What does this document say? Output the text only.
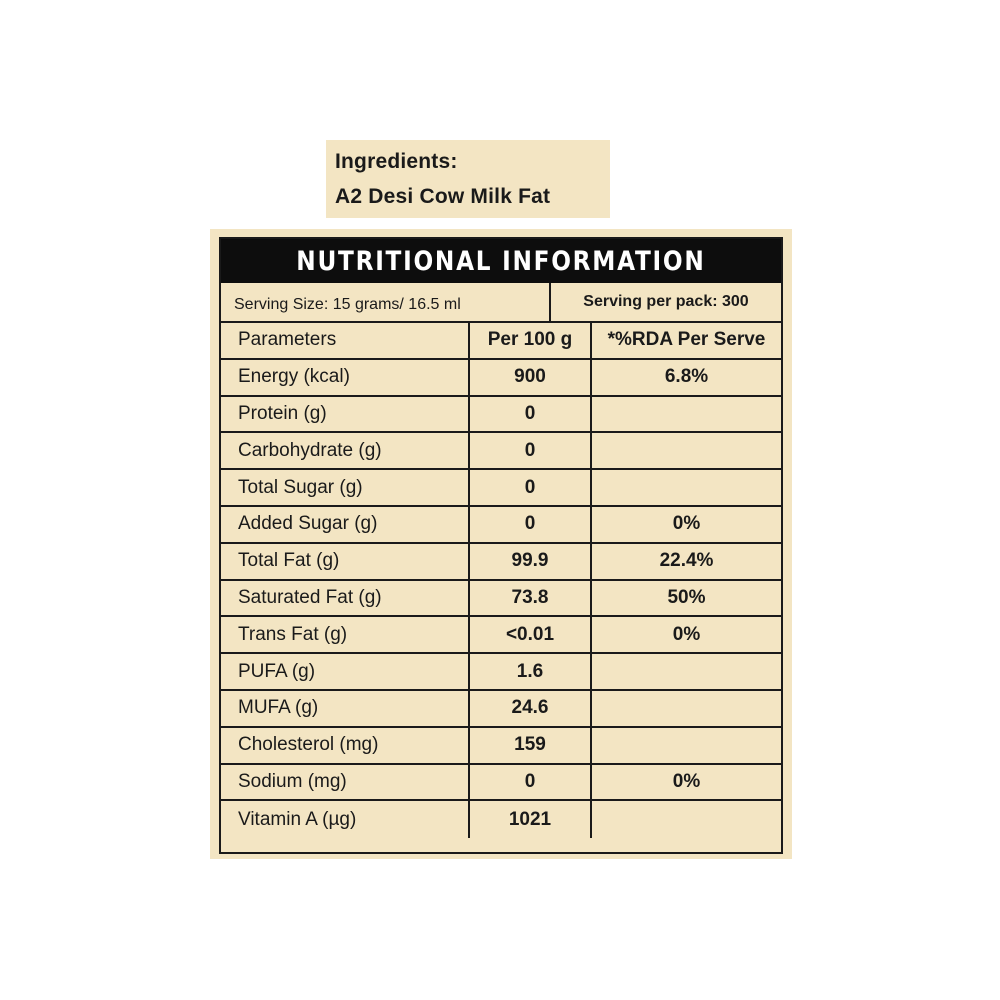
Ingredients:
A2 Desi Cow Milk Fat
NUTRITIONAL INFORMATION
Serving Size: 15 grams/ 16.5 ml	Serving per pack: 300
Parameters	Per 100 g	*%RDA Per Serve
Energy (kcal)	900	6.8%
Protein (g)	0
Carbohydrate (g)	0
Total Sugar (g)	0
Added Sugar (g)	0	0%
Total Fat (g)	99.9	22.4%
Saturated Fat (g)	73.8	50%
Trans Fat (g)	<0.01	0%
PUFA (g)	1.6
MUFA (g)	24.6
Cholesterol (mg)	159
Sodium (mg)	0	0%
Vitamin A (µg)	1021
